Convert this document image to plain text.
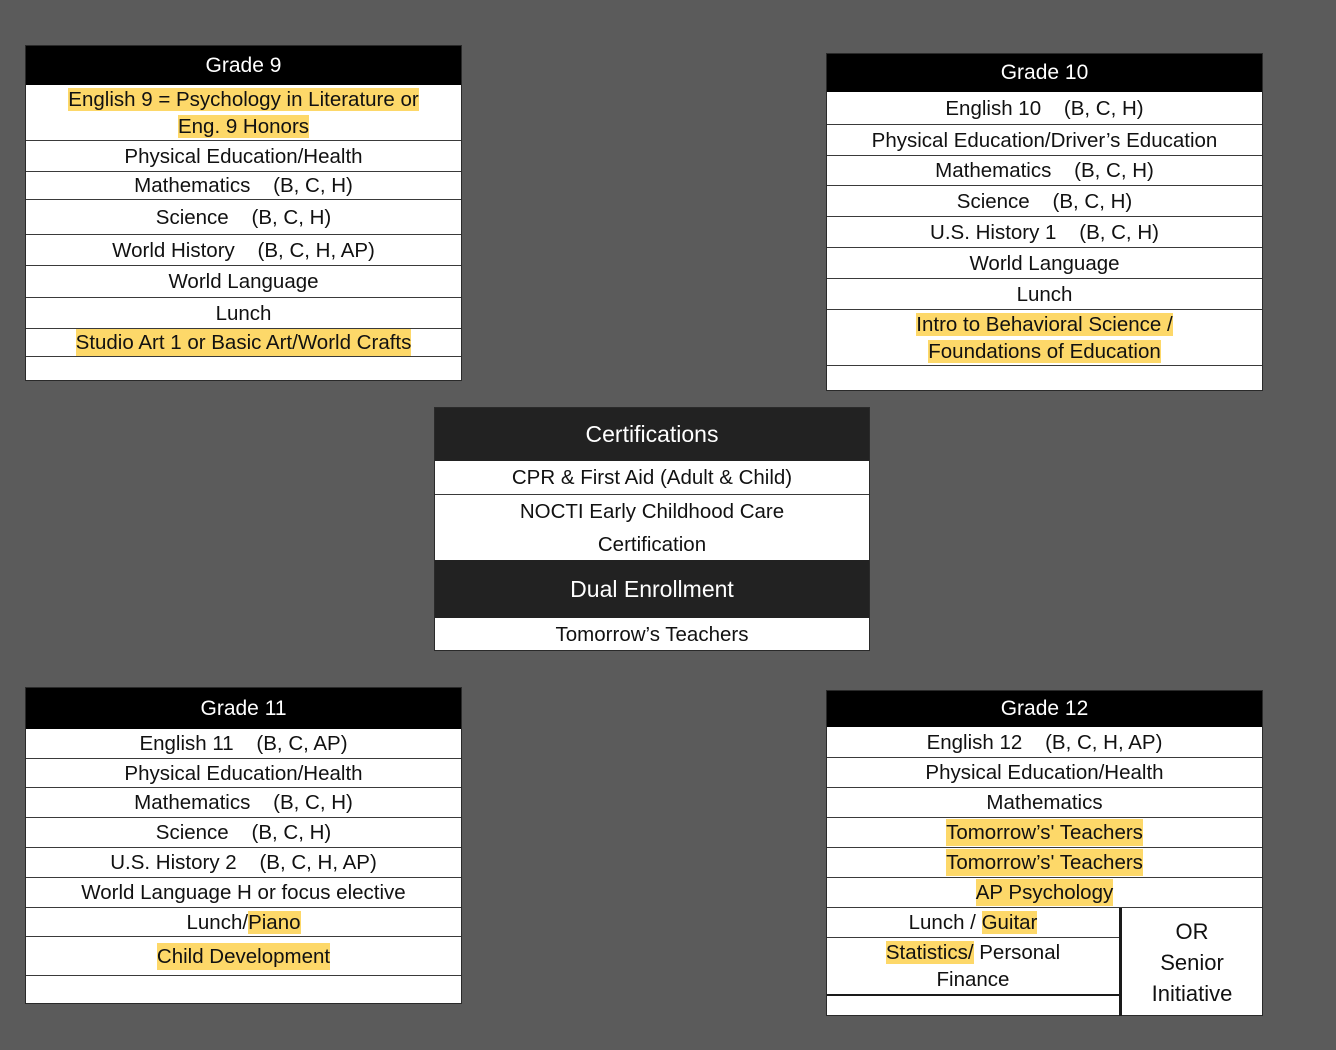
Grade 9
English 9 = Psychology in Literature or
Eng. 9 Honors
Physical Education/Health
Mathematics    (B, C, H)
Science    (B, C, H)
World History    (B, C, H, AP)
World Language
Lunch
Studio Art 1 or Basic Art/World Crafts
Grade 10
English 10    (B, C, H)
Physical Education/Driver’s Education
Mathematics    (B, C, H)
Science    (B, C, H)
U.S. History 1    (B, C, H)
World Language
Lunch
Intro to Behavioral Science /
Foundations of Education
Certifications
CPR & First Aid (Adult & Child)
NOCTI Early Childhood Care
Certification
Dual Enrollment
Tomorrow’s Teachers
Grade 11
English 11    (B, C, AP)
Physical Education/Health
Mathematics    (B, C, H)
Science    (B, C, H)
U.S. History 2    (B, C, H, AP)
World Language H or focus elective
Lunch/Piano
Child Development
Grade 12
English 12    (B, C, H, AP)
Physical Education/Health
Mathematics
Tomorrow’s' Teachers
Tomorrow’s' Teachers
AP Psychology
Lunch / Guitar
Statistics/ Personal
Finance
OR
Senior
Initiative
